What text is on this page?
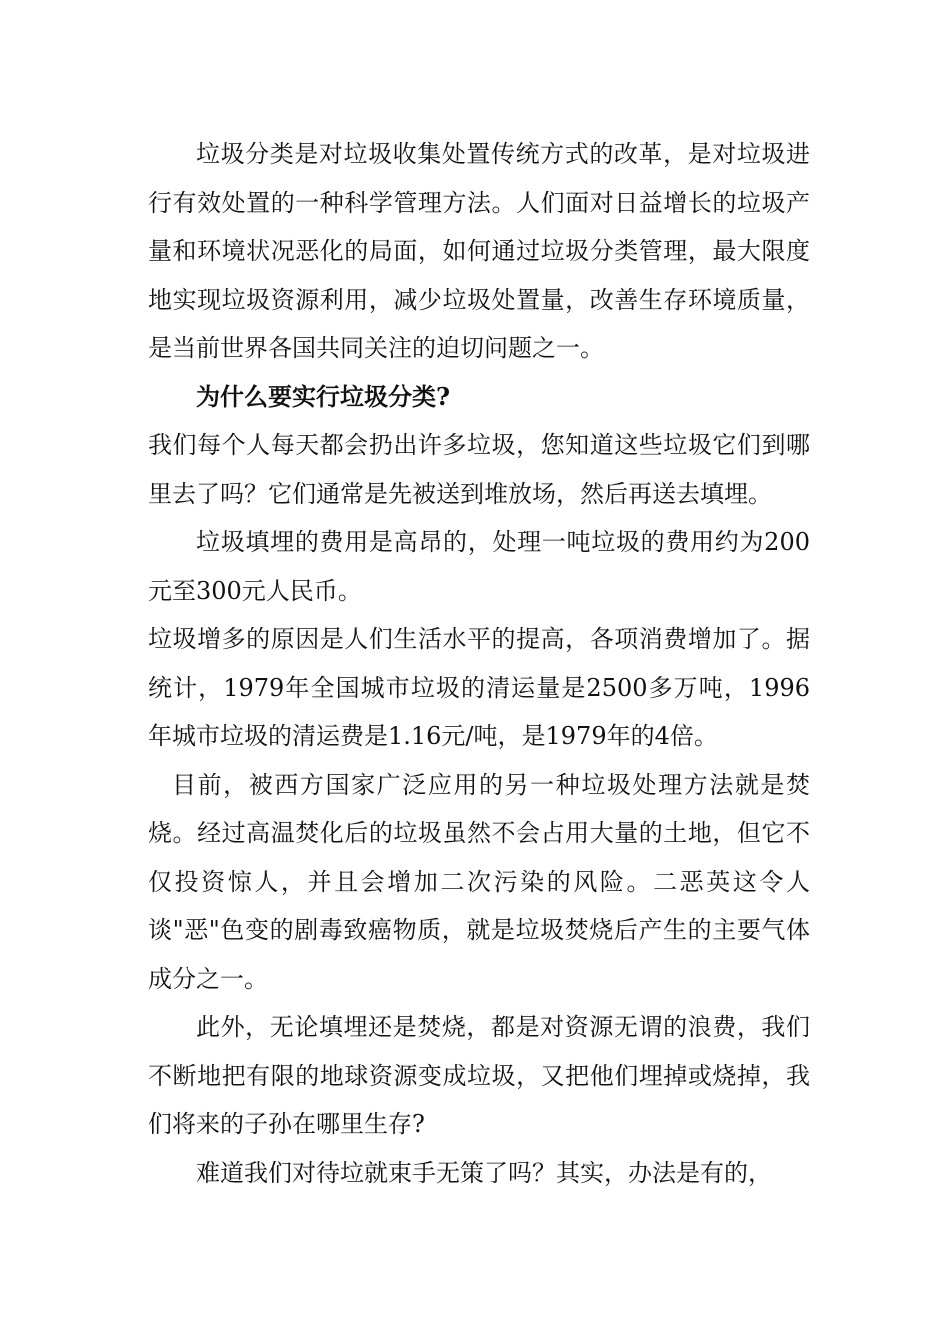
垃圾分类是对垃圾收集处置传统方式的改革，是对垃圾进行有效处置的一种科学管理方法。人们面对日益增长的垃圾产量和环境状况恶化的局面，如何通过垃圾分类管理，最大限度地实现垃圾资源利用，减少垃圾处置量，改善生存环境质量，是当前世界各国共同关注的迫切问题之一。

为什么要实行垃圾分类?

我们每个人每天都会扔出许多垃圾，您知道这些垃圾它们到哪里去了吗？它们通常是先被送到堆放场，然后再送去填埋。

垃圾填埋的费用是高昂的，处理一吨垃圾的费用约为200元至300元人民币。

垃圾增多的原因是人们生活水平的提高，各项消费增加了。据统计，1979年全国城市垃圾的清运量是2500多万吨，1996年城市垃圾的清运费是1.16元/吨，是1979年的4倍。

目前，被西方国家广泛应用的另一种垃圾处理方法就是焚烧。经过高温焚化后的垃圾虽然不会占用大量的土地，但它不仅投资惊人，并且会增加二次污染的风险。二恶英这令人谈"恶"色变的剧毒致癌物质，就是垃圾焚烧后产生的主要气体成分之一。

此外，无论填埋还是焚烧，都是对资源无谓的浪费，我们不断地把有限的地球资源变成垃圾，又把他们埋掉或烧掉，我们将来的子孙在哪里生存?

难道我们对待垃就束手无策了吗？其实，办法是有的，
